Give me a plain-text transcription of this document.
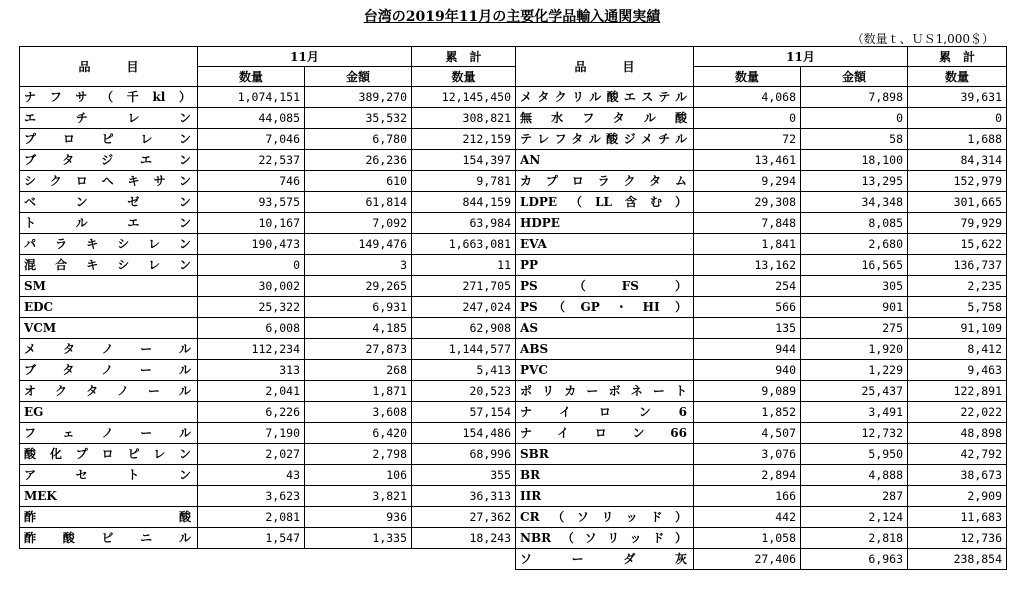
台湾の2019年11月の主要化学品輸入通関実績
（数量ｔ、ＵＳ1,000＄）
品　　　目	11月		累　計	品　　　目	11月		累　計
	数量	金額	数量		数量	金額	数量
ナフサ（千kl）	1,074,151	389,270	12,145,450	メタクリル酸エステル	4,068	7,898	39,631
エチレン	44,085	35,532	308,821	無水フタル酸	0	0	0
プロピレン	7,046	6,780	212,159	テレフタル酸ジメチル	72	58	1,688
ブタジエン	22,537	26,236	154,397	AN	13,461	18,100	84,314
シクロヘキサン	746	610	9,781	カプロラクタム	9,294	13,295	152,979
ベンゼン	93,575	61,814	844,159	LDPE（LL含む）	29,308	34,348	301,665
トルエン	10,167	7,092	63,984	HDPE	7,848	8,085	79,929
パラキシレン	190,473	149,476	1,663,081	EVA	1,841	2,680	15,622
混合キシレン	0	3	11	PP	13,162	16,565	136,737
SM	30,002	29,265	271,705	PS（FS）	254	305	2,235
EDC	25,322	6,931	247,024	PS（GP・HI）	566	901	5,758
VCM	6,008	4,185	62,908	AS	135	275	91,109
メタノール	112,234	27,873	1,144,577	ABS	944	1,920	8,412
ブタノール	313	268	5,413	PVC	940	1,229	9,463
オクタノール	2,041	1,871	20,523	ポリカーボネート	9,089	25,437	122,891
EG	6,226	3,608	57,154	ナイロン6	1,852	3,491	22,022
フェノール	7,190	6,420	154,486	ナイロン66	4,507	12,732	48,898
酸化プロピレン	2,027	2,798	68,996	SBR	3,076	5,950	42,792
アセトン	43	106	355	BR	2,894	4,888	38,673
MEK	3,623	3,821	36,313	IIR	166	287	2,909
酢酸	2,081	936	27,362	CR（ソリッド）	442	2,124	11,683
酢酸ビニル	1,547	1,335	18,243	NBR（ソリッド）	1,058	2,818	12,736
				ソーダ灰	27,406	6,963	238,854
